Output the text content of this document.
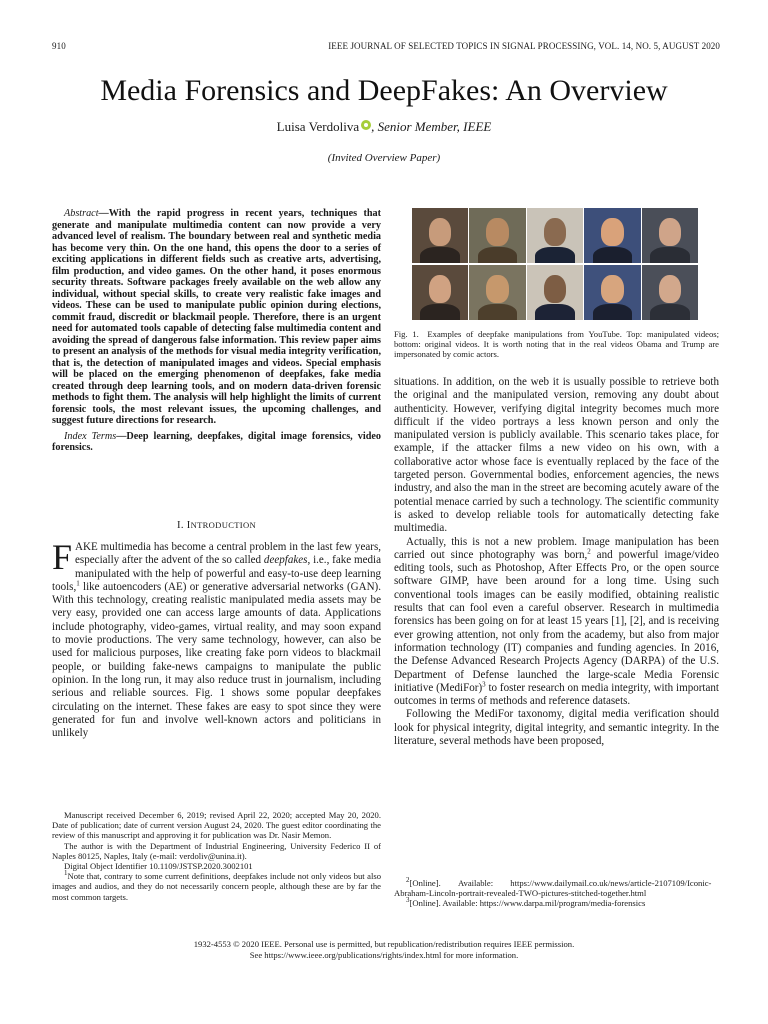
910	IEEE JOURNAL OF SELECTED TOPICS IN SIGNAL PROCESSING, VOL. 14, NO. 5, AUGUST 2020
Media Forensics and DeepFakes: An Overview
Luisa Verdoliva , Senior Member, IEEE
(Invited Overview Paper)

Abstract—With the rapid progress in recent years, techniques that generate and manipulate multimedia content can now provide a very advanced level of realism. The boundary between real and synthetic media has become very thin. On the one hand, this opens the door to a series of exciting applications in different fields such as creative arts, advertising, film production, and video games. On the other hand, it poses enormous security threats. Software packages freely available on the web allow any individual, without special skills, to create very realistic fake images and videos. These can be used to manipulate public opinion during elections, commit fraud, discredit or blackmail people. Therefore, there is an urgent need for automated tools capable of detecting false multimedia content and avoiding the spread of dangerous false information. This review paper aims to present an analysis of the methods for visual media integrity verification, that is, the detection of manipulated images and videos. Special emphasis will be placed on the emerging phenomenon of deepfakes, fake media created through deep learning tools, and on modern data-driven forensic methods to fight them. The analysis will help highlight the limits of current forensic tools, the most relevant issues, the upcoming challenges, and suggest future directions for research.

Index Terms—Deep learning, deepfakes, digital image forensics, video forensics.

I. INTRODUCTION

FAKE multimedia has become a central problem in the last few years, especially after the advent of the so called deepfakes, i.e., fake media manipulated with the help of powerful and easy-to-use deep learning tools,$^1$ like autoencoders (AE) or generative adversarial networks (GAN). With this technology, creating realistic manipulated media assets may be very easy, provided one can access large amounts of data. Applications include photography, video-games, virtual reality, and may soon expand to movie productions. The very same technology, however, can also be used for malicious purposes, like creating fake porn videos to blackmail people, or building fake-news campaigns to manipulate the public opinion. In the long run, it may also reduce trust in journalism, including serious and reliable sources. Fig. 1 shows some popular deepfakes circulating on the internet. These fakes are easy to spot since they were generated for fun and involve well-known actors and politicians in unlikely

Manuscript received December 6, 2019; revised April 22, 2020; accepted May 20, 2020. Date of publication; date of current version August 24, 2020. The guest editor coordinating the review of this manuscript and approving it for publication was Dr. Nasir Memon.

The author is with the Department of Industrial Engineering, University Federico II of Naples 80125, Naples, Italy (e-mail: verdoliv@unina.it).

Digital Object Identifier 10.1109/JSTSP.2020.3002101

$^1$Note that, contrary to some current definitions, deepfakes include not only videos but also images and audios, and they do not necessarily concern people, although these are by far the most common targets.

Fig. 1. Examples of deepfake manipulations from YouTube. Top: manipulated videos; bottom: original videos. It is worth noting that in the real videos Obama and Trump are impersonated by comic actors.

situations. In addition, on the web it is usually possible to retrieve both the original and the manipulated version, removing any doubt about authenticity. However, verifying digital integrity becomes much more difficult if the video portrays a less known person and only the manipulated version is publicly available. This scenario takes place, for example, if the attacker films a new video on his own, with a collaborative actor whose face is eventually replaced by the face of the targeted person. Governmental bodies, enforcement agencies, the news industry, and also the man in the street are becoming acutely aware of the potential menace carried by such a technology. The scientific community is asked to develop reliable tools for automatically detecting fake multimedia.

Actually, this is not a new problem. Image manipulation has been carried out since photography was born,$^2$ and powerful image/video editing tools, such as Photoshop, After Effects Pro, or the open source software GIMP, have been around for a long time. Using such conventional tools images can be easily modified, obtaining realistic results that can fool even a careful observer. Research in multimedia forensics has been going on for at least 15 years [1], [2], and is receiving ever growing attention, not only from the academy, but also from major information technology (IT) companies and funding agencies. In 2016, the Defense Advanced Research Projects Agency (DARPA) of the U.S. Department of Defense launched the large-scale Media Forensic initiative (MediFor)$^3$ to foster research on media integrity, with important outcomes in terms of methods and reference datasets.

Following the MediFor taxonomy, digital media verification should look for physical integrity, digital integrity, and semantic integrity. In the literature, several methods have been proposed,

$^2$[Online].  Available:  https://www.dailymail.co.uk/news/article-2107109/Iconic-Abraham-Lincoln-portrait-revealed-TWO-pictures-stitched-together.html

$^3$[Online]. Available: https://www.darpa.mil/program/media-forensics

1932-4553 © 2020 IEEE. Personal use is permitted, but republication/redistribution requires IEEE permission.
See https://www.ieee.org/publications/rights/index.html for more information.
